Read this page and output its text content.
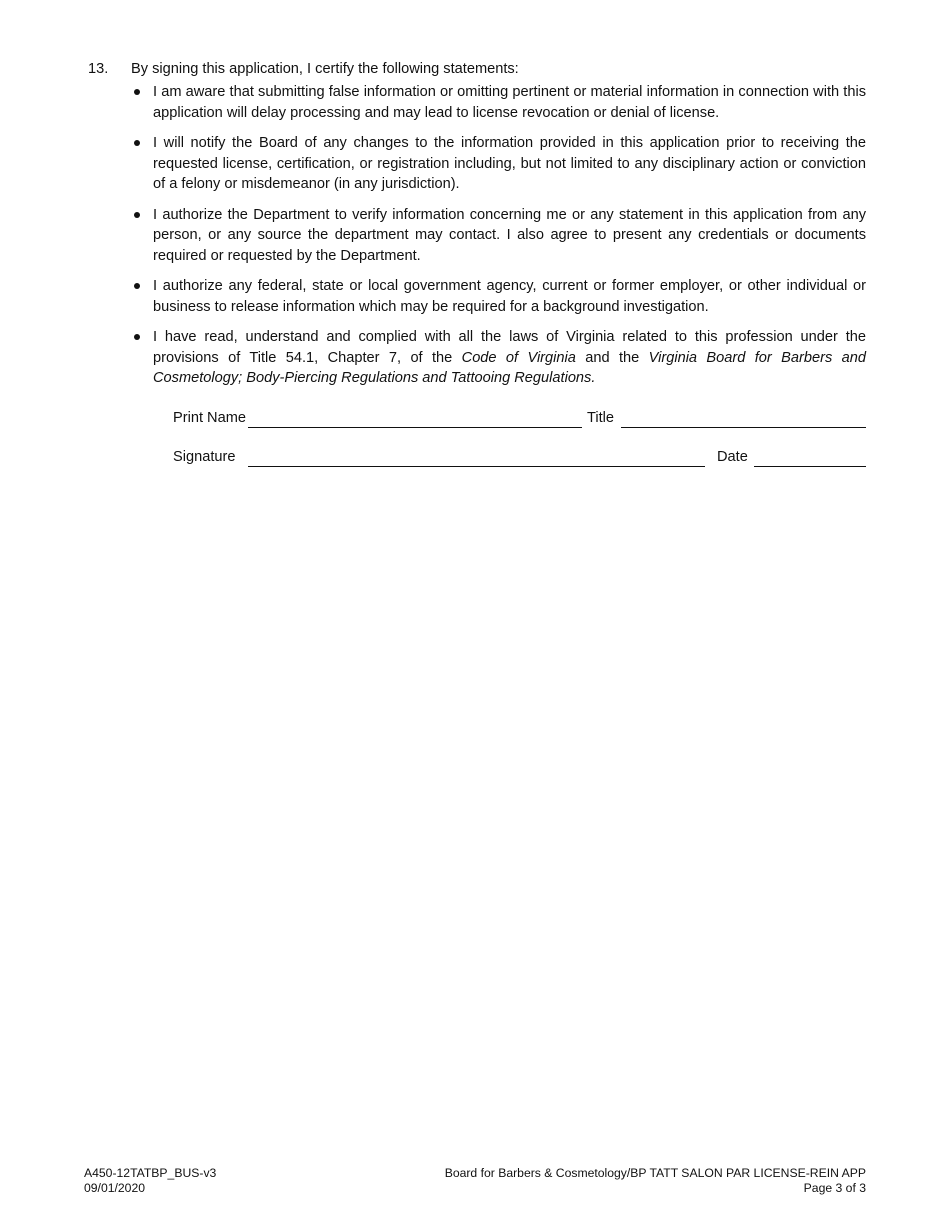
13.	By signing this application, I certify the following statements:
I am aware that submitting false information or omitting pertinent or material information in connection with this application will delay processing and may lead to license revocation or denial of license.
I will notify the Board of any changes to the information provided in this application prior to receiving the requested license, certification, or registration including, but not limited to any disciplinary action or conviction of a felony or misdemeanor (in any jurisdiction).
I authorize the Department to verify information concerning me or any statement in this application from any person, or any source the department may contact. I also agree to present any credentials or documents required or requested by the Department.
I authorize any federal, state or local government agency, current or former employer, or other individual or business to release information which may be required for a background investigation.
I have read, understand and complied with all the laws of Virginia related to this profession under the provisions of Title 54.1, Chapter 7, of the Code of Virginia and the Virginia Board for Barbers and Cosmetology; Body-Piercing Regulations and Tattooing Regulations.
Print Name	Title
Signature	Date
A450-12TATBP_BUS-v3
09/01/2020
Board for Barbers & Cosmetology/BP TATT SALON PAR LICENSE-REIN APP
Page 3 of 3
